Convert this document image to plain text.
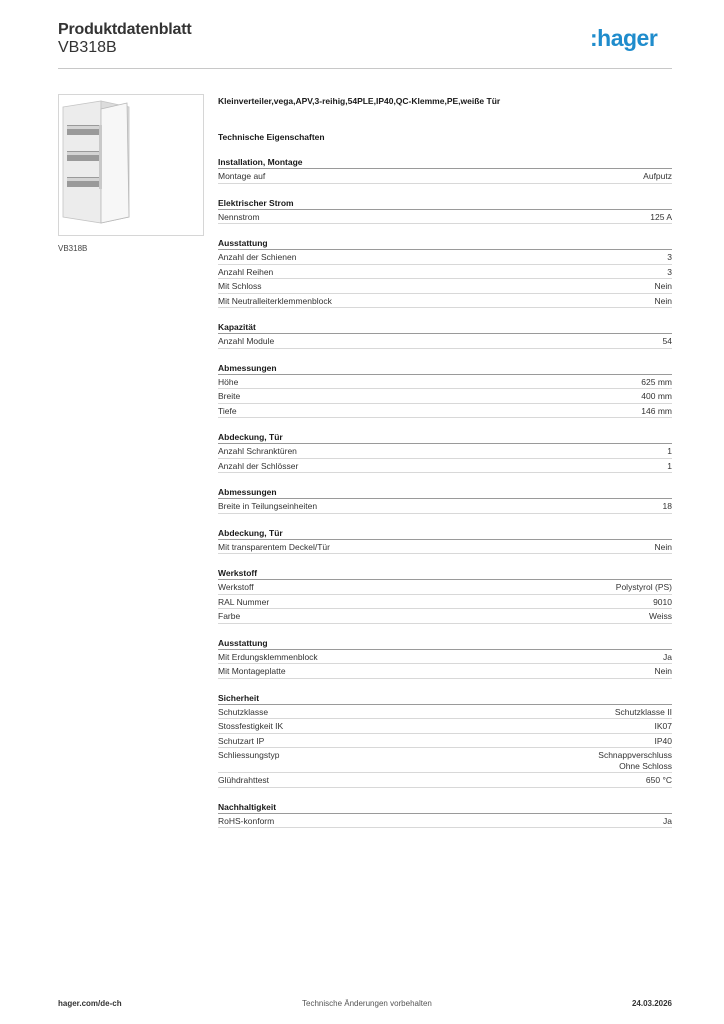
Produktdatenblatt
VB318B	:hager
VB318B
Kleinverteiler,vega,APV,3-reihig,54PLE,IP40,QC-Klemme,PE,weiße Tür
Technische Eigenschaften
Installation, Montage
Montage auf	Aufputz
Elektrischer Strom
Nennstrom	125 A
Ausstattung
Anzahl der Schienen	3
Anzahl Reihen	3
Mit Schloss	Nein
Mit Neutralleiterklemmenblock	Nein
Kapazität
Anzahl Module	54
Abmessungen
Höhe	625 mm
Breite	400 mm
Tiefe	146 mm
Abdeckung, Tür
Anzahl Schranktüren	1
Anzahl der Schlösser	1
Abmessungen
Breite in Teilungseinheiten	18
Abdeckung, Tür
Mit transparentem Deckel/Tür	Nein
Werkstoff
Werkstoff	Polystyrol (PS)
RAL Nummer	9010
Farbe	Weiss
Ausstattung
Mit Erdungsklemmenblock	Ja
Mit Montageplatte	Nein
Sicherheit
Schutzklasse	Schutzklasse II
Stossfestigkeit IK	IK07
Schutzart IP	IP40
Schliessungstyp	Schnappverschluss
Ohne Schloss
Glühdrahttest	650 °C
Nachhaltigkeit
RoHS-konform	Ja
hager.com/de-ch	Technische Änderungen vorbehalten	24.03.2026
